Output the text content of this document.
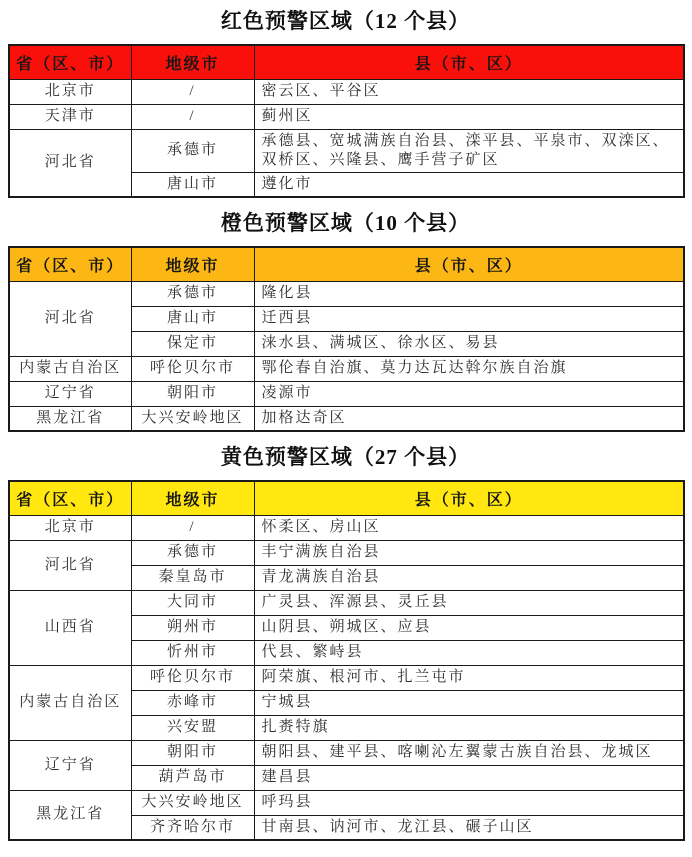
红色预警区域（12 个县）
省（区、市）	地级市	县（市、区）
北京市	/	密云区、平谷区
天津市	/	蓟州区
河北省	承德市	承德县、宽城满族自治县、滦平县、平泉市、双滦区、双桥区、兴隆县、鹰手营子矿区
	唐山市	遵化市
橙色预警区域（10 个县）
省（区、市）	地级市	县（市、区）
河北省	承德市	隆化县
	唐山市	迁西县
	保定市	涞水县、满城区、徐水区、易县
内蒙古自治区	呼伦贝尔市	鄂伦春自治旗、莫力达瓦达斡尔族自治旗
辽宁省	朝阳市	凌源市
黑龙江省	大兴安岭地区	加格达奇区
黄色预警区域（27 个县）
省（区、市）	地级市	县（市、区）
北京市	/	怀柔区、房山区
河北省	承德市	丰宁满族自治县
	秦皇岛市	青龙满族自治县
山西省	大同市	广灵县、浑源县、灵丘县
	朔州市	山阴县、朔城区、应县
	忻州市	代县、繁峙县
内蒙古自治区	呼伦贝尔市	阿荣旗、根河市、扎兰屯市
	赤峰市	宁城县
	兴安盟	扎赉特旗
辽宁省	朝阳市	朝阳县、建平县、喀喇沁左翼蒙古族自治县、龙城区
	葫芦岛市	建昌县
黑龙江省	大兴安岭地区	呼玛县
	齐齐哈尔市	甘南县、讷河市、龙江县、碾子山区
